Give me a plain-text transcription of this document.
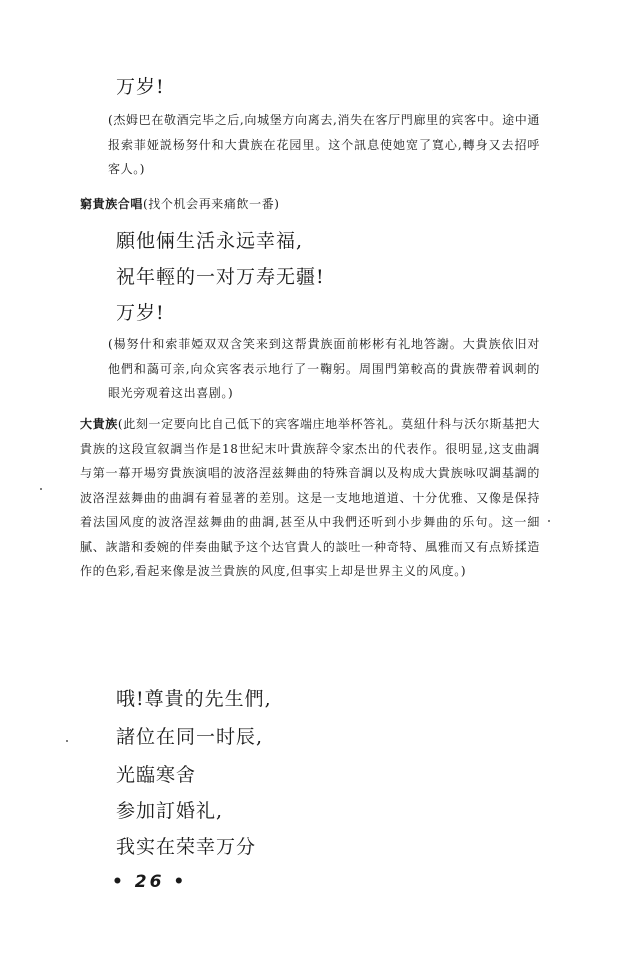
万岁!

(杰姆巴在敬酒完毕之后,向城堡方向离去,消失在客厅門廊里的宾客中。途中通报索菲娅説杨努什和大貴族在花园里。这个訊息使她宽了寬心,轉身又去招呼客人。)

窮貴族合唱(找个机会再来痛飲一番)

願他倆生活永远幸福,

祝年輕的一对万寿无疆!

万岁!

(楊努什和索菲婭双双含笑来到这帮貴族面前彬彬有礼地答謝。大貴族依旧对他們和藹可亲,向众宾客表示地行了一鞠躬。周围門第較高的貴族帶着讽刺的眼光旁观着这出喜剧。)

大貴族(此刻一定要向比自己低下的宾客端庄地举杯答礼。莫紐什科与沃尔斯基把大貴族的这段宣叙調当作是18世紀末叶貴族辞令家杰出的代表作。很明显,这支曲調与第一幕开場穷貴族演唱的波洛涅兹舞曲的特殊音調以及构成大貴族咏叹調基調的波洛涅兹舞曲的曲調有着显著的差別。这是一支地地道道、十分优雅、又像是保持着法国风度的波洛涅兹舞曲的曲調,甚至从中我們还听到小步舞曲的乐句。这一細膩、詼諧和委婉的伴奏曲賦予这个达官貴人的談吐一种奇特、風雅而又有点矫揉造作的色彩,看起来像是波兰貴族的风度,但事实上却是世界主义的风度。)

哦!尊貴的先生們,

諸位在同一时辰,

光臨寒舍

参加訂婚礼,

我实在荣幸万分

• 26 •
